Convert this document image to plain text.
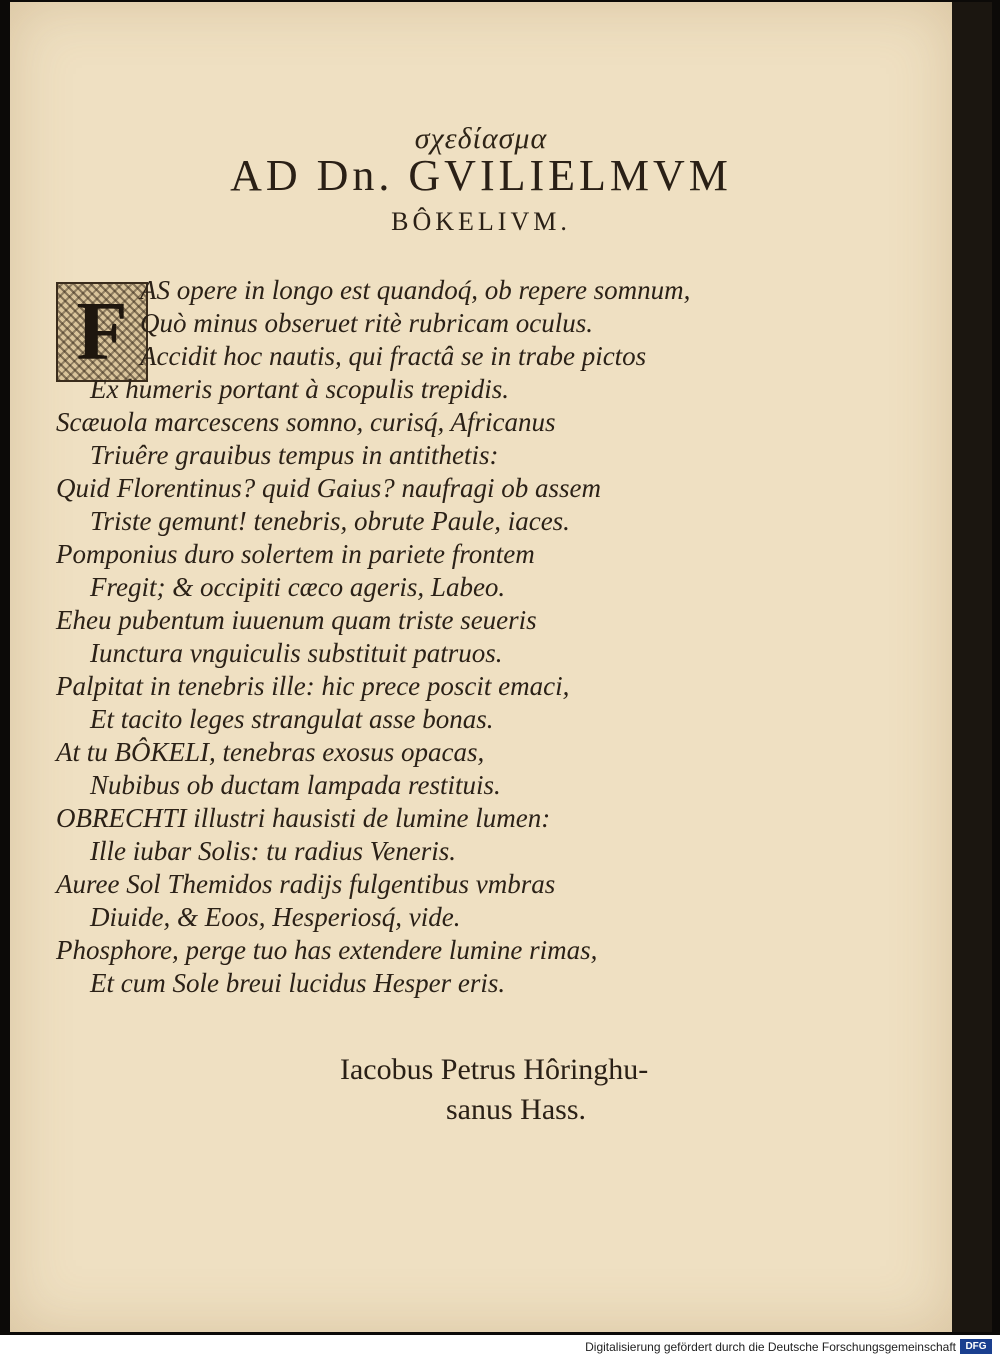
σχεδίασμα
AD Dn. GVILIELMVM
BÔKELIVM.
F AS opere in longo est quandoq́, ob repere somnum,
Quò minus obseruet ritè rubricam oculus.
Accidit hoc nautis, qui fractâ se in trabe pictos
Ex humeris portant à scopulis trepidis.
Scæuola marcescens somno, curisq́, Africanus
Triuêre grauibus tempus in antithetis:
Quid Florentinus? quid Gaius? naufragi ob assem
Triste gemunt! tenebris, obrute Paule, iaces.
Pomponius duro solertem in pariete frontem
Fregit; & occipiti cæco ageris, Labeo.
Eheu pubentum iuuenum quam triste seueris
Iunctura vnguiculis substituit patruos.
Palpitat in tenebris ille: hic prece poscit emaci,
Et tacito leges strangulat asse bonas.
At tu BÔKELI, tenebras exosus opacas,
Nubibus ob ductam lampada restituis.
OBRECHTI illustri hausisti de lumine lumen:
Ille iubar Solis: tu radius Veneris.
Auree Sol Themidos radijs fulgentibus vmbras
Diuide, & Eoos, Hesperiosq́, vide.
Phosphore, perge tuo has extendere lumine rimas,
Et cum Sole breui lucidus Hesper eris.
Iacobus Petrus Hôringhu-
sanus Hass.
Digitalisierung gefördert durch die Deutsche Forschungsgemeinschaft DFG
